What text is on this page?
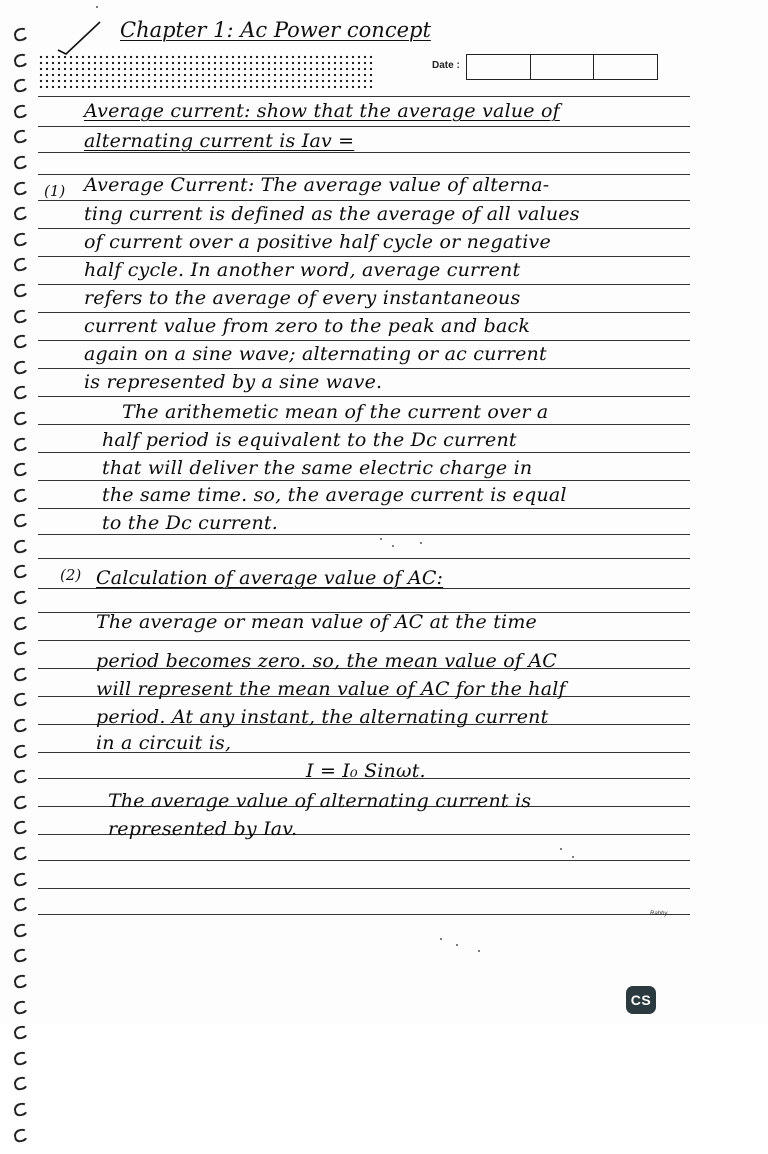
Chapter 1: Ac Power concept
Date :
(1)
(2)
Average current: show that the average value of
alternating current is Iav =
Average Current: The average value of alterna-
ting current is defined as the average of all values
of current over a positive half cycle or negative
half cycle. In another word, average current
refers to the average of every instantaneous
current value from zero to the peak and back
again on a sine wave; alternating or ac current
is represented by a sine wave.
The arithemetic mean of the current over a
half period is equivalent to the Dc current
that will deliver the same electric charge in
the same time. so, the average current is equal
to the Dc current.
Calculation of average value of AC:
The average or mean value of AC at the time
period becomes zero. so, the mean value of AC
will represent the mean value of AC for the half
period. At any instant, the alternating current
in a circuit is,
I = I₀ Sinωt.
The average value of alternating current is
represented by Iav.
Rabby
CS
